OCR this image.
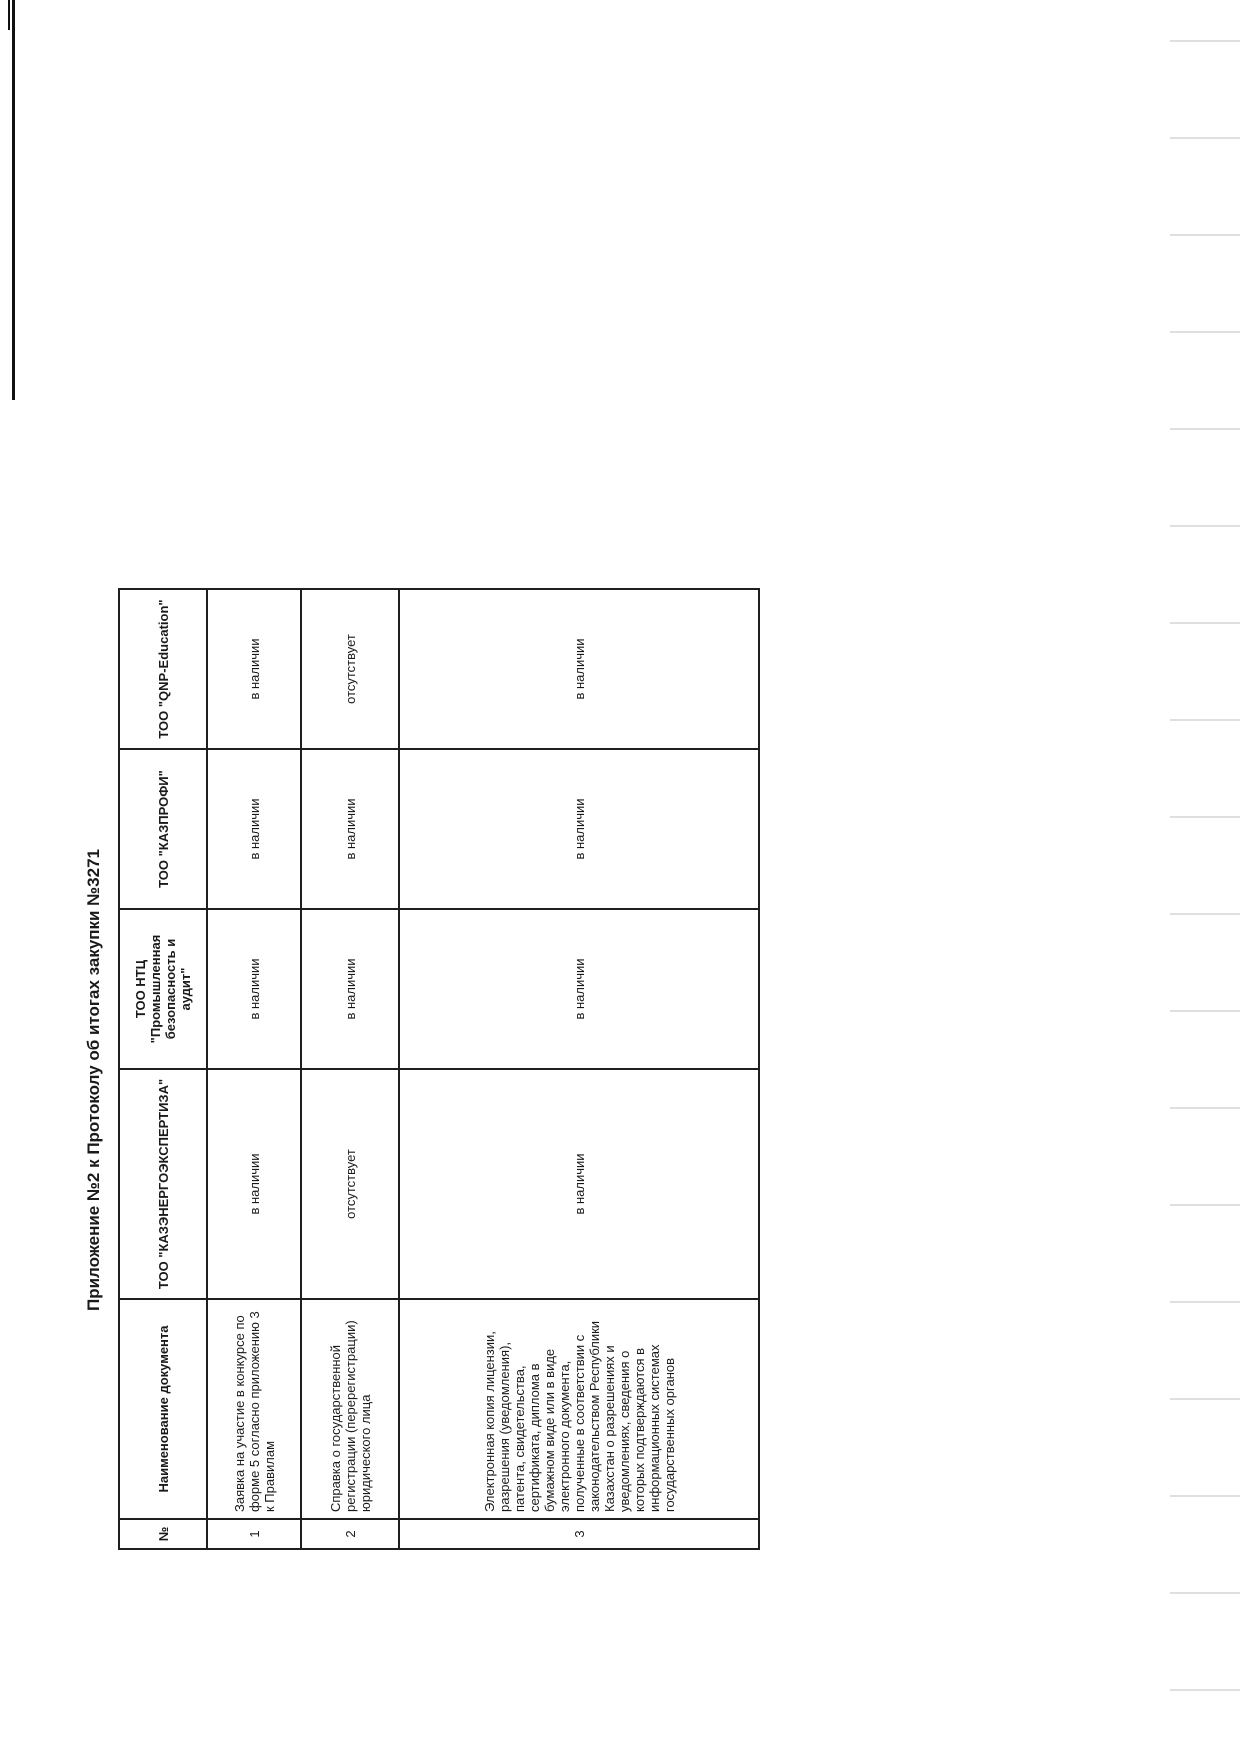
Приложение №2 к Протоколу об итогах закупки №3271
№	Наименование документа	ТОО "КАЗЭНЕРГОЭКСПЕРТИЗА"	ТОО НТЦ "Промышленная безопасность и аудит"	ТОО "КАЗПРОФИ"	ТОО "QNP-Education"
1	Заявка на участие в конкурсе по форме 5 согласно приложению 3 к Правилам	в наличии	в наличии	в наличии	в наличии
2	Справка о государственной регистрации (перерегистрации) юридического лица	отсутствует	в наличии	в наличии	отсутствует
3	Электронная копия лицензии, разрешения (уведомления), патента, свидетельства, сертификата, диплома в бумажном виде или в виде электронного документа, полученные в соответствии с законодательством Республики Казахстан о разрешениях и уведомлениях, сведения о которых подтверждаются в информационных системах государственных органов	в наличии	в наличии	в наличии	в наличии
